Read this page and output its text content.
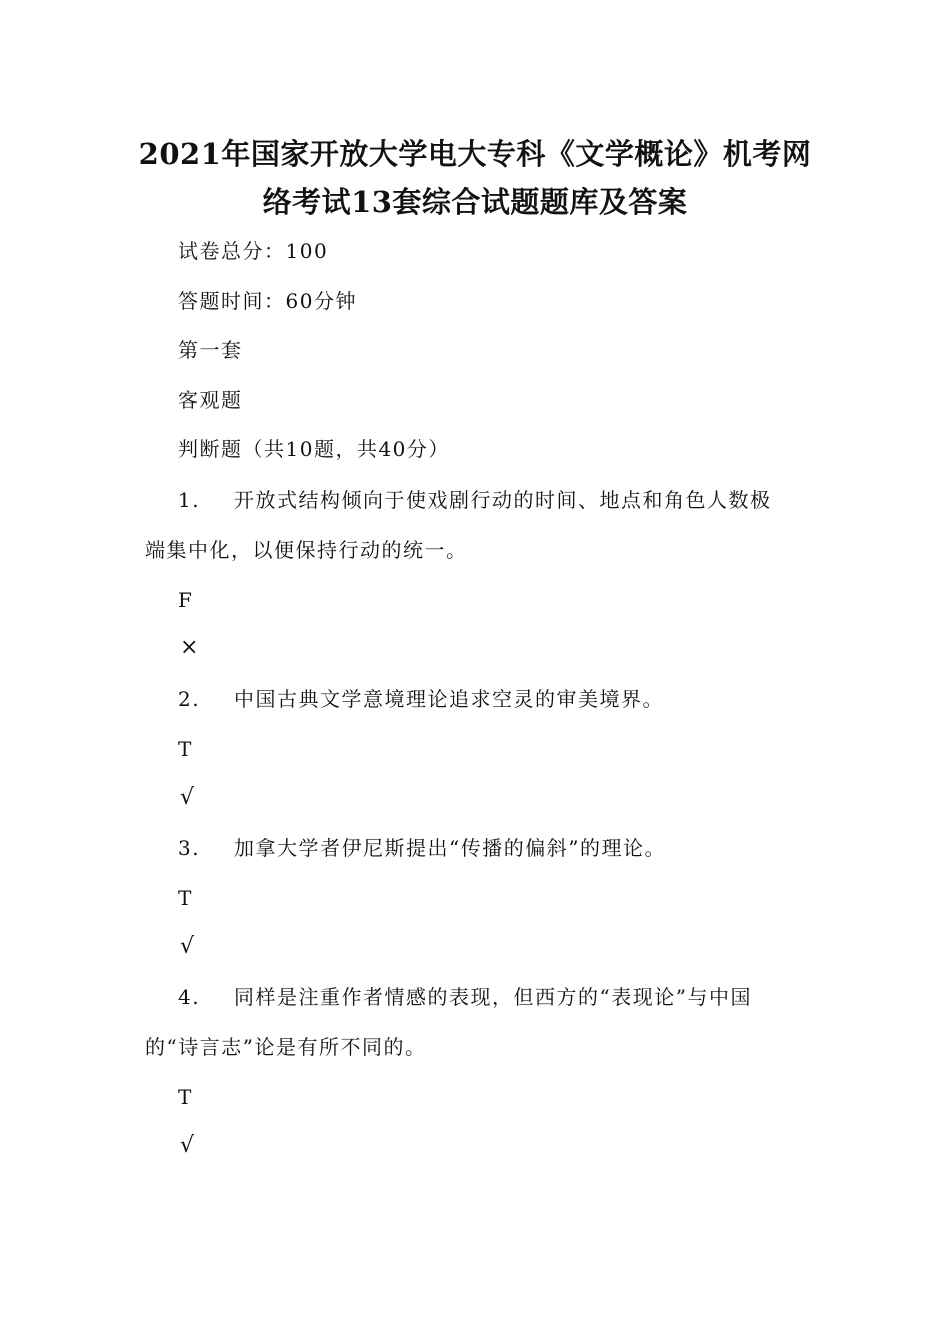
2021年国家开放大学电大专科《文学概论》机考网
络考试13套综合试题题库及答案
试卷总分：100
答题时间：60分钟
第一套
客观题
判断题（共10题，共40分）
1. 开放式结构倾向于使戏剧行动的时间、地点和角色人数极
端集中化，以便保持行动的统一。
F
×
2. 中国古典文学意境理论追求空灵的审美境界。
T
√
3. 加拿大学者伊尼斯提出“传播的偏斜”的理论。
T
√
4. 同样是注重作者情感的表现，但西方的“表现论”与中国
的“诗言志”论是有所不同的。
T
√
